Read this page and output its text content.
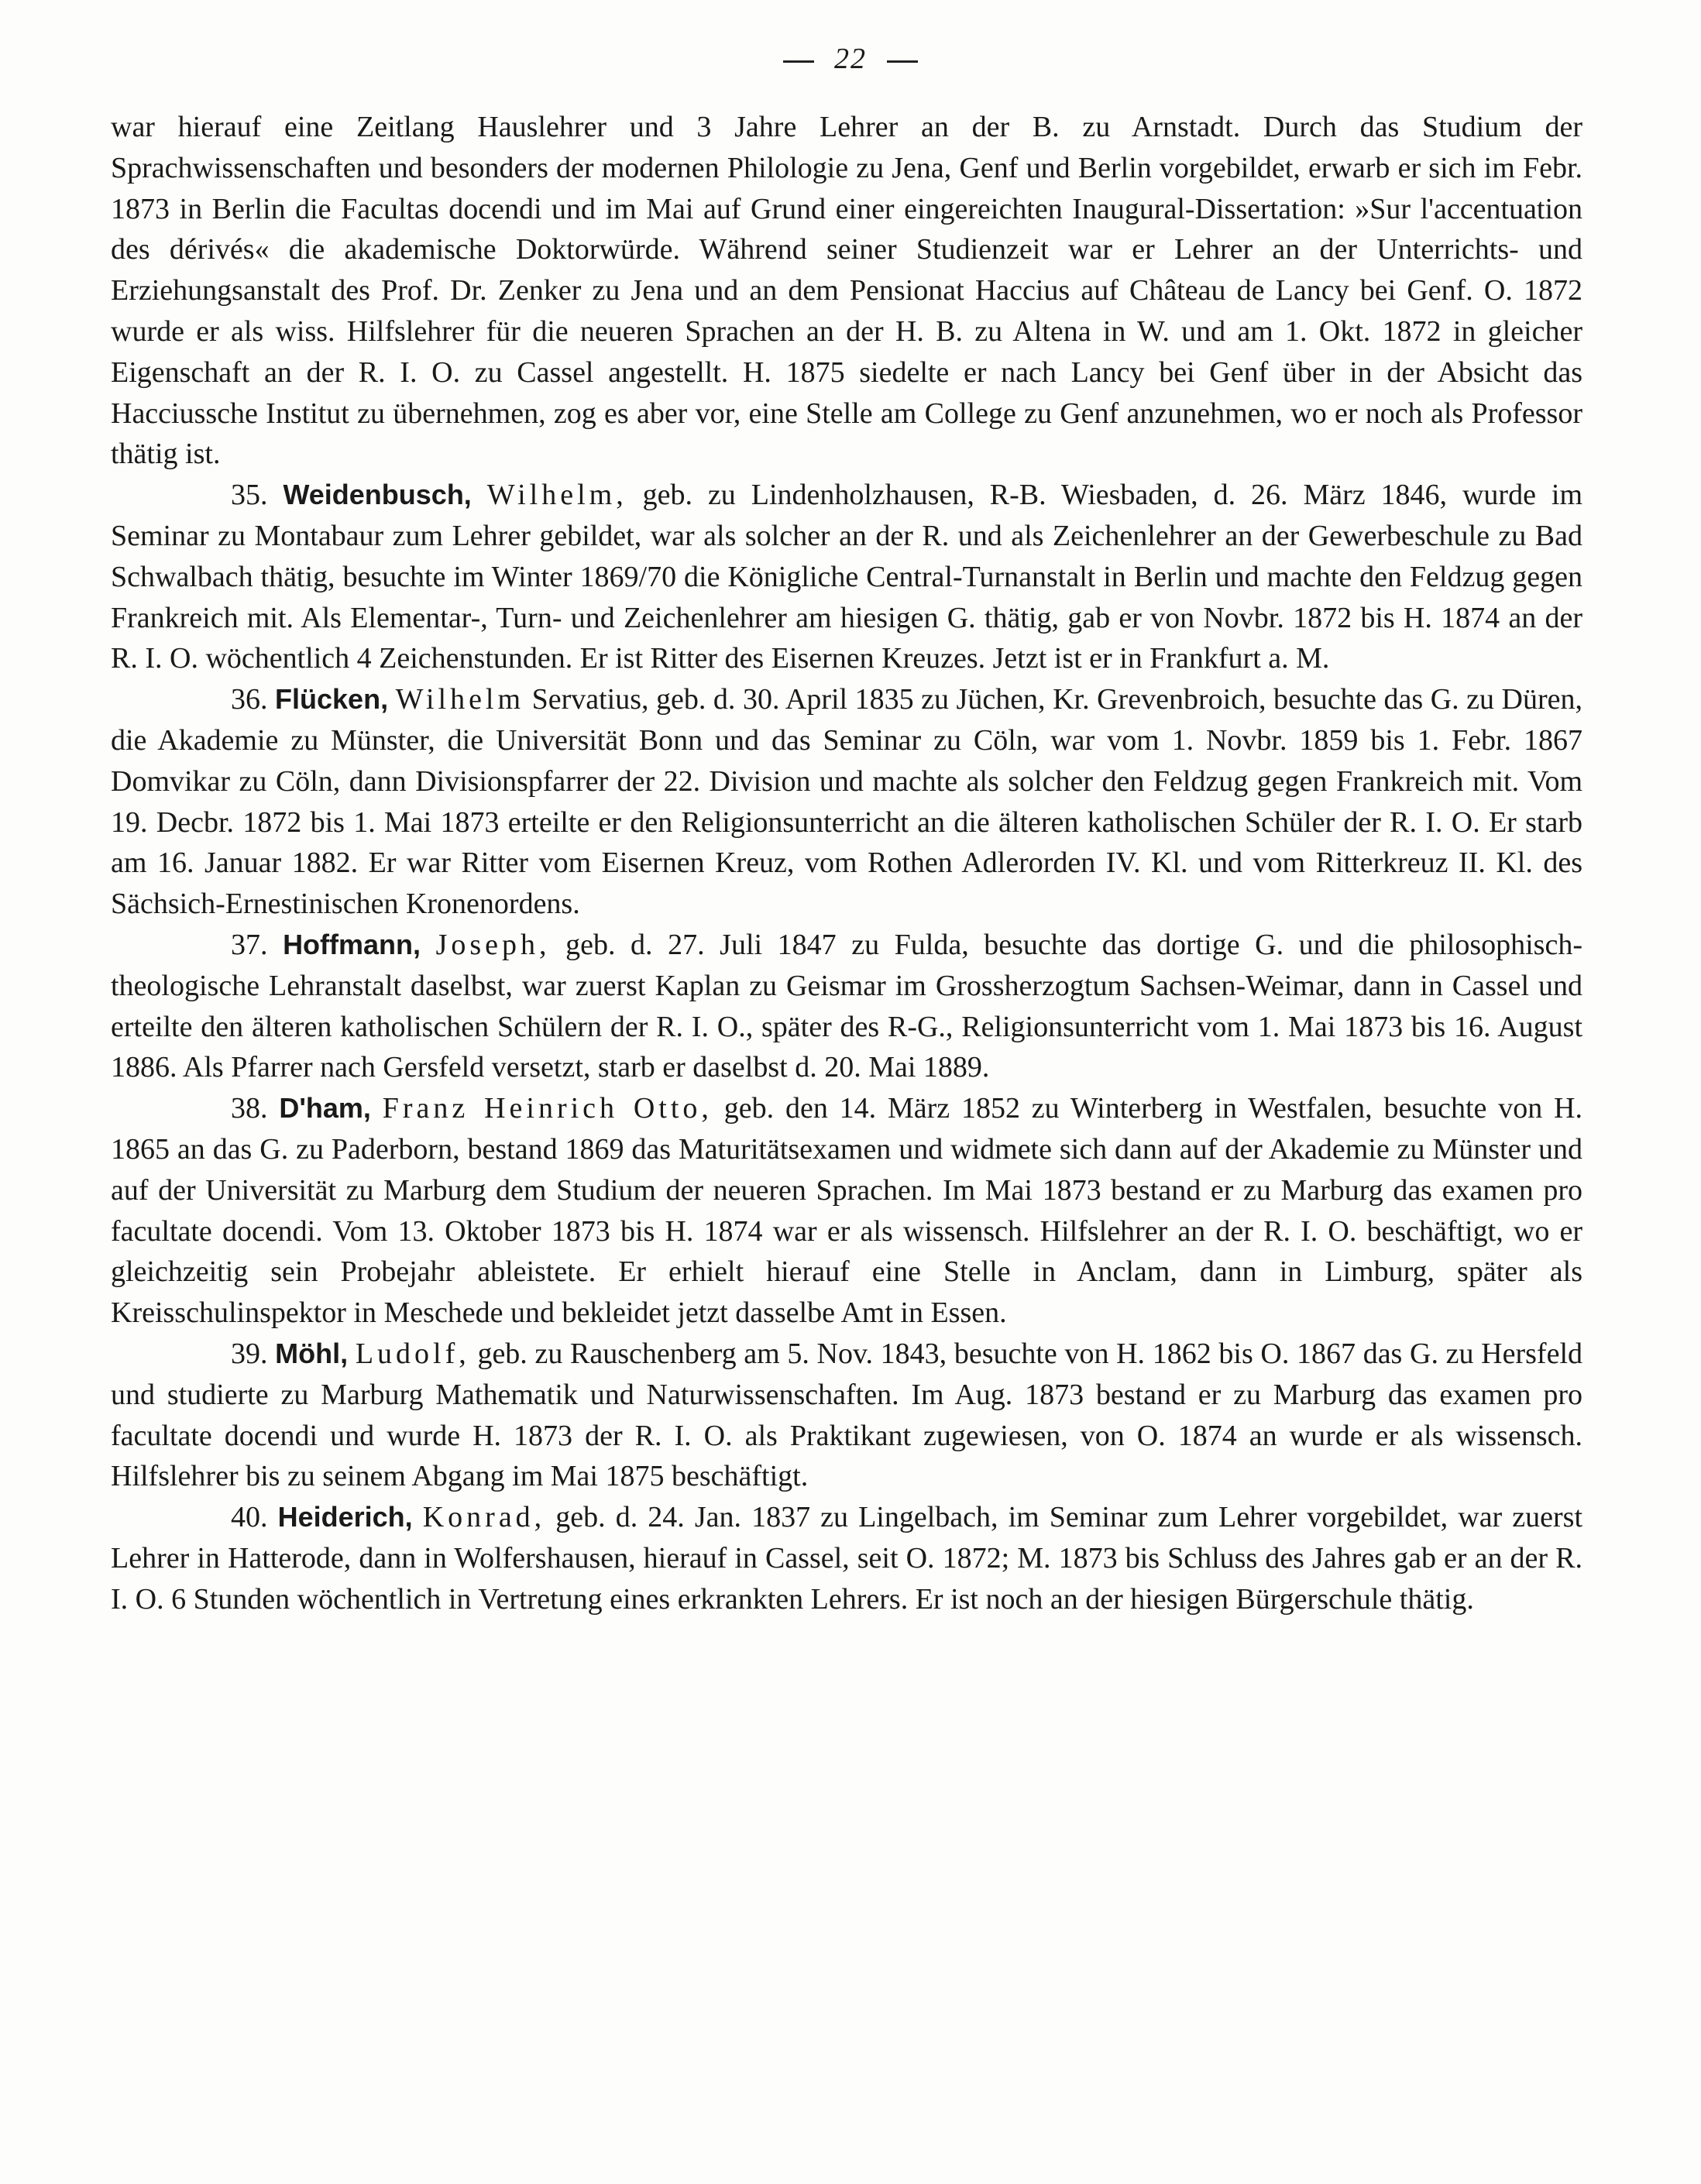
22

war hierauf eine Zeitlang Hauslehrer und 3 Jahre Lehrer an der B. zu Arnstadt. Durch das Studium der Sprachwissenschaften und besonders der modernen Philologie zu Jena, Genf und Berlin vorgebildet, erwarb er sich im Febr. 1873 in Berlin die Facultas docendi und im Mai auf Grund einer eingereichten Inaugural-Dissertation: »Sur l'accentuation des dérivés« die akademische Doktorwürde. Während seiner Studienzeit war er Lehrer an der Unterrichts- und Erziehungsanstalt des Prof. Dr. Zenker zu Jena und an dem Pensionat Haccius auf Château de Lancy bei Genf. O. 1872 wurde er als wiss. Hilfslehrer für die neueren Sprachen an der H. B. zu Altena in W. und am 1. Okt. 1872 in gleicher Eigenschaft an der R. I. O. zu Cassel angestellt. H. 1875 siedelte er nach Lancy bei Genf über in der Absicht das Hacciussche Institut zu übernehmen, zog es aber vor, eine Stelle am College zu Genf anzunehmen, wo er noch als Professor thätig ist.

35. Weidenbusch, Wilhelm, geb. zu Lindenholzhausen, R-B. Wiesbaden, d. 26. März 1846, wurde im Seminar zu Montabaur zum Lehrer gebildet, war als solcher an der R. und als Zeichenlehrer an der Gewerbeschule zu Bad Schwalbach thätig, besuchte im Winter 1869/70 die Königliche Central-Turnanstalt in Berlin und machte den Feldzug gegen Frankreich mit. Als Elementar-, Turn- und Zeichenlehrer am hiesigen G. thätig, gab er von Novbr. 1872 bis H. 1874 an der R. I. O. wöchentlich 4 Zeichenstunden. Er ist Ritter des Eisernen Kreuzes. Jetzt ist er in Frankfurt a. M.

36. Flücken, Wilhelm Servatius, geb. d. 30. April 1835 zu Jüchen, Kr. Grevenbroich, besuchte das G. zu Düren, die Akademie zu Münster, die Universität Bonn und das Seminar zu Cöln, war vom 1. Novbr. 1859 bis 1. Febr. 1867 Domvikar zu Cöln, dann Divisionspfarrer der 22. Division und machte als solcher den Feldzug gegen Frankreich mit. Vom 19. Decbr. 1872 bis 1. Mai 1873 erteilte er den Religionsunterricht an die älteren katholischen Schüler der R. I. O. Er starb am 16. Januar 1882. Er war Ritter vom Eisernen Kreuz, vom Rothen Adlerorden IV. Kl. und vom Ritterkreuz II. Kl. des Sächsich-Ernestinischen Kronenordens.

37. Hoffmann, Joseph, geb. d. 27. Juli 1847 zu Fulda, besuchte das dortige G. und die philosophisch-theologische Lehranstalt daselbst, war zuerst Kaplan zu Geismar im Grossherzogtum Sachsen-Weimar, dann in Cassel und erteilte den älteren katholischen Schülern der R. I. O., später des R-G., Religionsunterricht vom 1. Mai 1873 bis 16. August 1886. Als Pfarrer nach Gersfeld versetzt, starb er daselbst d. 20. Mai 1889.

38. D'ham, Franz Heinrich Otto, geb. den 14. März 1852 zu Winterberg in Westfalen, besuchte von H. 1865 an das G. zu Paderborn, bestand 1869 das Maturitätsexamen und widmete sich dann auf der Akademie zu Münster und auf der Universität zu Marburg dem Studium der neueren Sprachen. Im Mai 1873 bestand er zu Marburg das examen pro facultate docendi. Vom 13. Oktober 1873 bis H. 1874 war er als wissensch. Hilfslehrer an der R. I. O. beschäftigt, wo er gleichzeitig sein Probejahr ableistete. Er erhielt hierauf eine Stelle in Anclam, dann in Limburg, später als Kreisschulinspektor in Meschede und bekleidet jetzt dasselbe Amt in Essen.

39. Möhl, Ludolf, geb. zu Rauschenberg am 5. Nov. 1843, besuchte von H. 1862 bis O. 1867 das G. zu Hersfeld und studierte zu Marburg Mathematik und Naturwissenschaften. Im Aug. 1873 bestand er zu Marburg das examen pro facultate docendi und wurde H. 1873 der R. I. O. als Praktikant zugewiesen, von O. 1874 an wurde er als wissensch. Hilfslehrer bis zu seinem Abgang im Mai 1875 beschäftigt.

40. Heiderich, Konrad, geb. d. 24. Jan. 1837 zu Lingelbach, im Seminar zum Lehrer vorgebildet, war zuerst Lehrer in Hatterode, dann in Wolfershausen, hierauf in Cassel, seit O. 1872; M. 1873 bis Schluss des Jahres gab er an der R. I. O. 6 Stunden wöchentlich in Vertretung eines erkrankten Lehrers. Er ist noch an der hiesigen Bürgerschule thätig.
